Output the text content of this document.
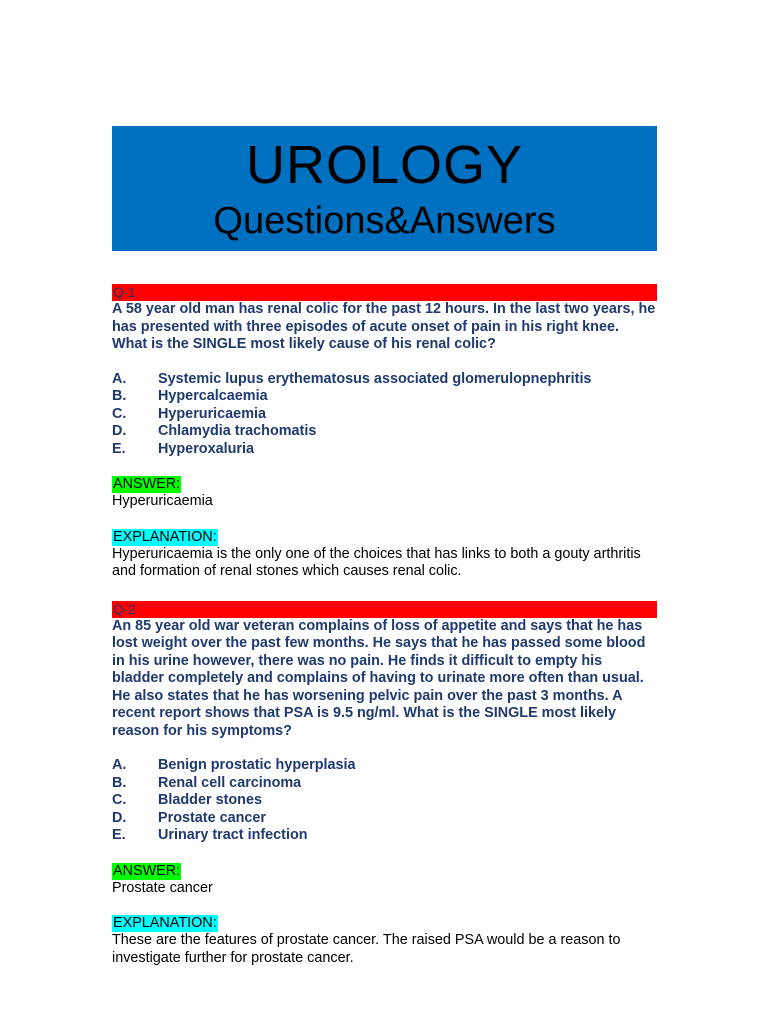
UROLOGY
Questions&Answers
Q-1
A 58 year old man has renal colic for the past 12 hours. In the last two years, he has presented with three episodes of acute onset of pain in his right knee. What is the SINGLE most likely cause of his renal colic?
A.	Systemic lupus erythematosus associated glomerulopnephritis
B.	Hypercalcaemia
C.	Hyperuricaemia
D.	Chlamydia trachomatis
E.	Hyperoxaluria
ANSWER:
Hyperuricaemia
EXPLANATION:
Hyperuricaemia is the only one of the choices that has links to both a gouty arthritis and formation of renal stones which causes renal colic.
Q-2
An 85 year old war veteran complains of loss of appetite and says that he has lost weight over the past few months. He says that he has passed some blood in his urine however, there was no pain. He finds it difficult to empty his bladder completely and complains of having to urinate more often than usual. He also states that he has worsening pelvic pain over the past 3 months. A recent report shows that PSA is 9.5 ng/ml. What is the SINGLE most likely reason for his symptoms?
A.	Benign prostatic hyperplasia
B.	Renal cell carcinoma
C.	Bladder stones
D.	Prostate cancer
E.	Urinary tract infection
ANSWER:
Prostate cancer
EXPLANATION:
These are the features of prostate cancer. The raised PSA would be a reason to investigate further for prostate cancer.
